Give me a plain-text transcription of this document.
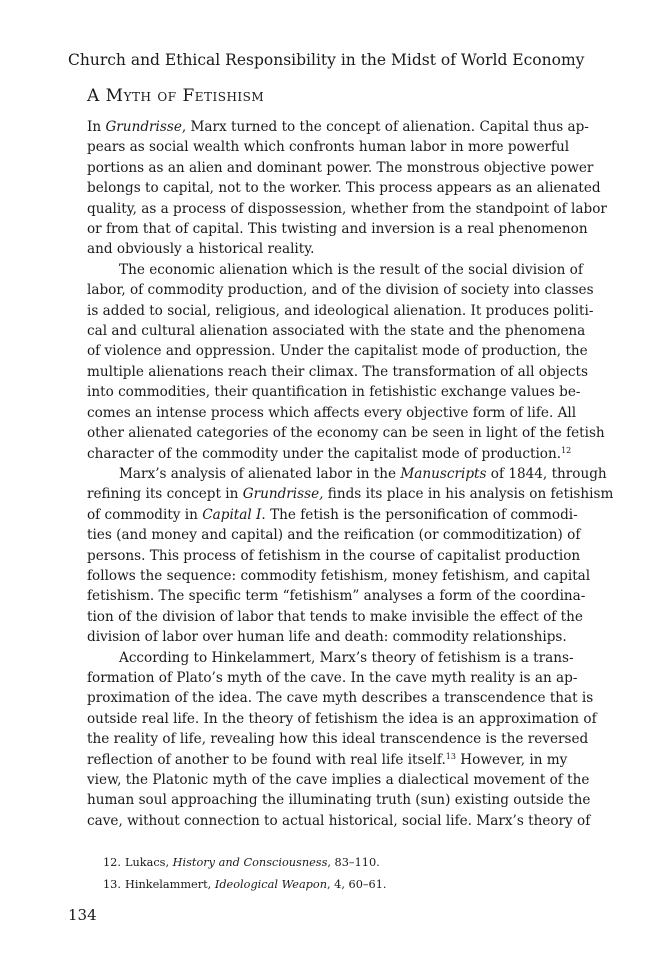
Church and Ethical Responsibility in the Midst of World Economy
A Myth of Fetishism

In Grundrisse, Marx turned to the concept of alienation. Capital thus ap-

pears as social wealth which confronts human labor in more powerful

portions as an alien and dominant power. The monstrous objective power

belongs to capital, not to the worker. This process appears as an alienated

quality, as a process of dispossession, whether from the standpoint of labor

or from that of capital. This twisting and inversion is a real phenomenon

and obviously a historical reality.

The economic alienation which is the result of the social division of

labor, of commodity production, and of the division of society into classes

is added to social, religious, and ideological alienation. It produces politi-

cal and cultural alienation associated with the state and the phenomena

of violence and oppression. Under the capitalist mode of production, the

multiple alienations reach their climax. The transformation of all objects

into commodities, their quantification in fetishistic exchange values be-

comes an intense process which affects every objective form of life. All

other alienated categories of the economy can be seen in light of the fetish

character of the commodity under the capitalist mode of production.$^{12}$

Marx’s analysis of alienated labor in the Manuscripts of 1844, through

refining its concept in Grundrisse, finds its place in his analysis on fetishism

of commodity in Capital I. The fetish is the personification of commodi-

ties (and money and capital) and the reification (or commoditization) of

persons. This process of fetishism in the course of capitalist production

follows the sequence: commodity fetishism, money fetishism, and capital

fetishism. The specific term “fetishism” analyses a form of the coordina-

tion of the division of labor that tends to make invisible the effect of the

division of labor over human life and death: commodity relationships.

According to Hinkelammert, Marx’s theory of fetishism is a trans-

formation of Plato’s myth of the cave. In the cave myth reality is an ap-

proximation of the idea. The cave myth describes a transcendence that is

outside real life. In the theory of fetishism the idea is an approximation of

the reality of life, revealing how this ideal transcendence is the reversed

reflection of another to be found with real life itself.$^{13}$ However, in my

view, the Platonic myth of the cave implies a dialectical movement of the

human soul approaching the illuminating truth (sun) existing outside the

cave, without connection to actual historical, social life. Marx’s theory of

12. Lukacs, History and Consciousness, 83–110.
13. Hinkelammert, Ideological Weapon, 4, 60–61.
134
